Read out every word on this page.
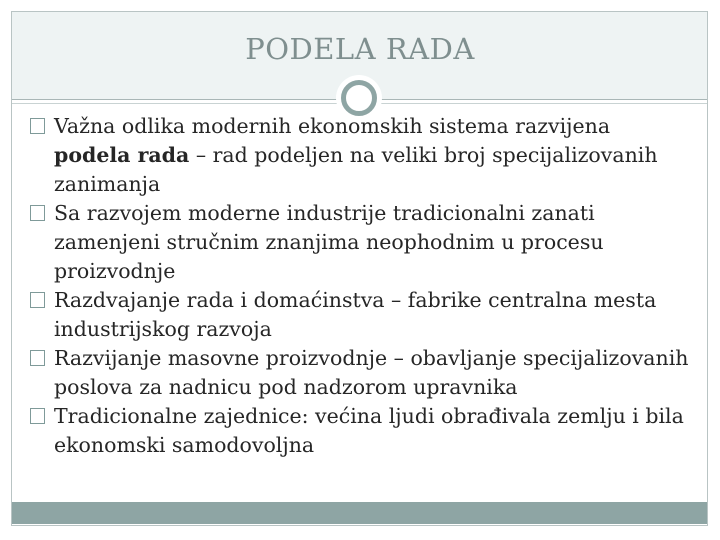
PODELA RADA

Važna odlika modernih ekonomskih sistema razvijena podela rada – rad podeljen na veliki broj specijalizovanih zanimanja

Sa razvojem moderne industrije tradicionalni zanati zamenjeni stručnim znanjima neophodnim u procesu proizvodnje

Razdvajanje rada i domaćinstva – fabrike centralna mesta industrijskog razvoja

Razvijanje masovne proizvodnje – obavljanje specijalizovanih poslova za nadnicu pod nadzorom upravnika

Tradicionalne zajednice: većina ljudi obrađivala zemlju i bila ekonomski samodovoljna
